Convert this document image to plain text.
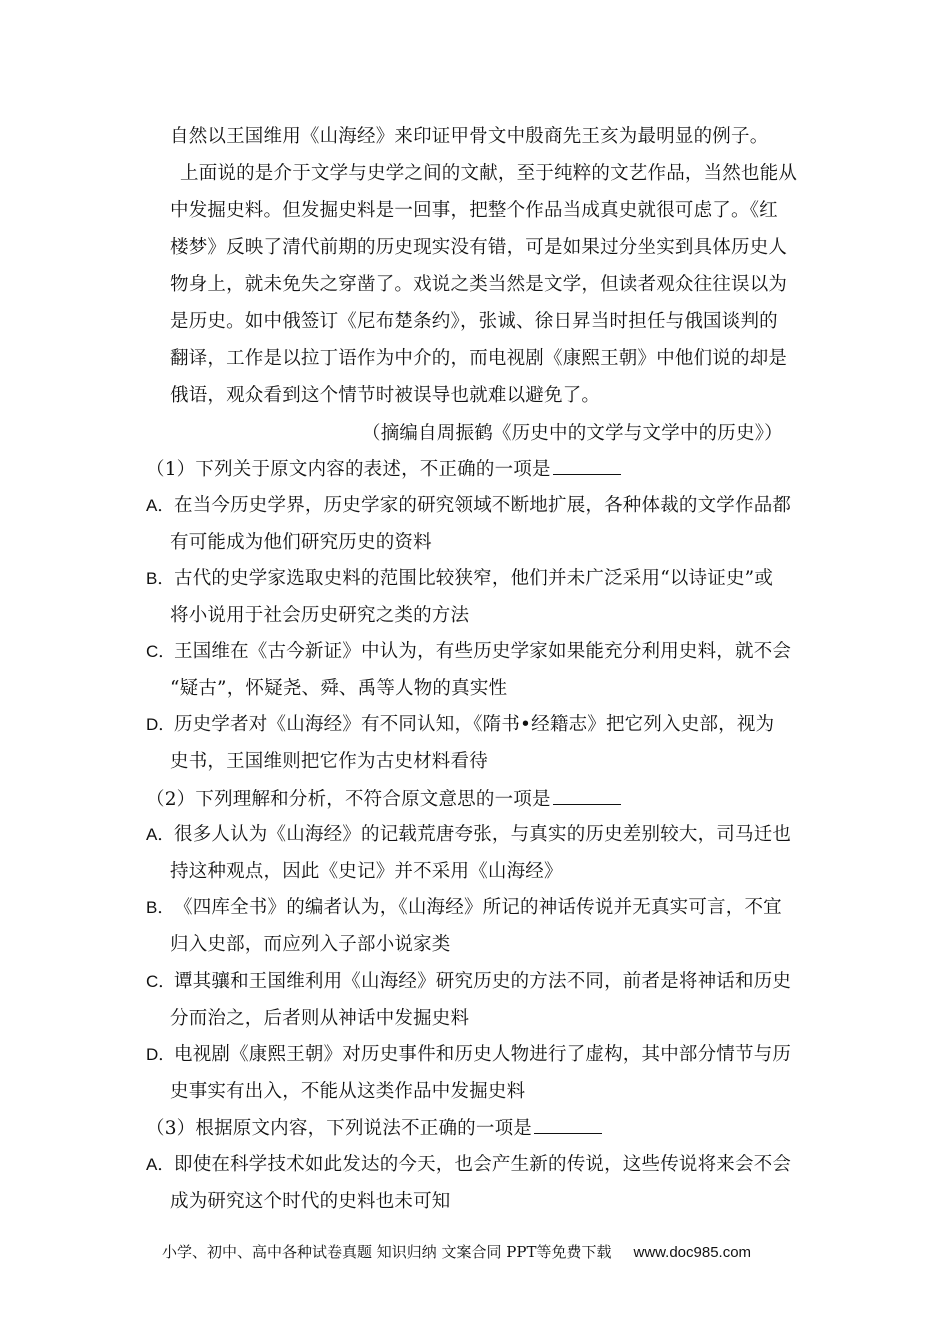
自然以王国维用《山海经》来印证甲骨文中殷商先王亥为最明显的例子。
上面说的是介于文学与史学之间的文献，至于纯粹的文艺作品，当然也能从
中发掘史料。但发掘史料是一回事，把整个作品当成真史就很可虑了。《红
楼梦》反映了清代前期的历史现实没有错，可是如果过分坐实到具体历史人
物身上，就未免失之穿凿了。戏说之类当然是文学，但读者观众往往误以为
是历史。如中俄签订《尼布楚条约》，张诚、徐日昇当时担任与俄国谈判的
翻译，工作是以拉丁语作为中介的，而电视剧《康熙王朝》中他们说的却是
俄语，观众看到这个情节时被误导也就难以避免了。
（摘编自周振鹤《历史中的文学与文学中的历史》）
（1）下列关于原文内容的表述，不正确的一项是
A． 在当今历史学界，历史学家的研究领域不断地扩展，各种体裁的文学作品都
有可能成为他们研究历史的资料
B． 古代的史学家选取史料的范围比较狭窄，他们并未广泛采用“以诗证史”或
将小说用于社会历史研究之类的方法
C．
王国维在《古今新证》中认为，有些历史学家如果能充分利用史料，就不会
“疑古”，怀疑尧、舜、禹等人物的真实性
D．
历史学者对《山海经》有不同认知，《隋书•经籍志》把它列入史部，视为
史书，王国维则把它作为古史材料看待
（2）下列理解和分析，不符合原文意思的一项是
A． 很多人认为《山海经》的记载荒唐夸张，与真实的历史差别较大，司马迁也
持这种观点，因此《史记》并不采用《山海经》
B． 《四库全书》的编者认为，《山海经》所记的神话传说并无真实可言，不宜
归入史部，而应列入子部小说家类
C．
谭其骧和王国维利用《山海经》研究历史的方法不同，前者是将神话和历史
分而治之，后者则从神话中发掘史料
D．
电视剧《康熙王朝》对历史事件和历史人物进行了虚构，其中部分情节与历
史事实有出入，不能从这类作品中发掘史料
（3）根据原文内容，下列说法不正确的一项是
A． 即使在科学技术如此发达的今天，也会产生新的传说，这些传说将来会不会
成为研究这个时代的史料也未可知
小学、初中、高中各种试卷真题 知识归纳 文案合同 PPT等免费下载 www.doc985.com
